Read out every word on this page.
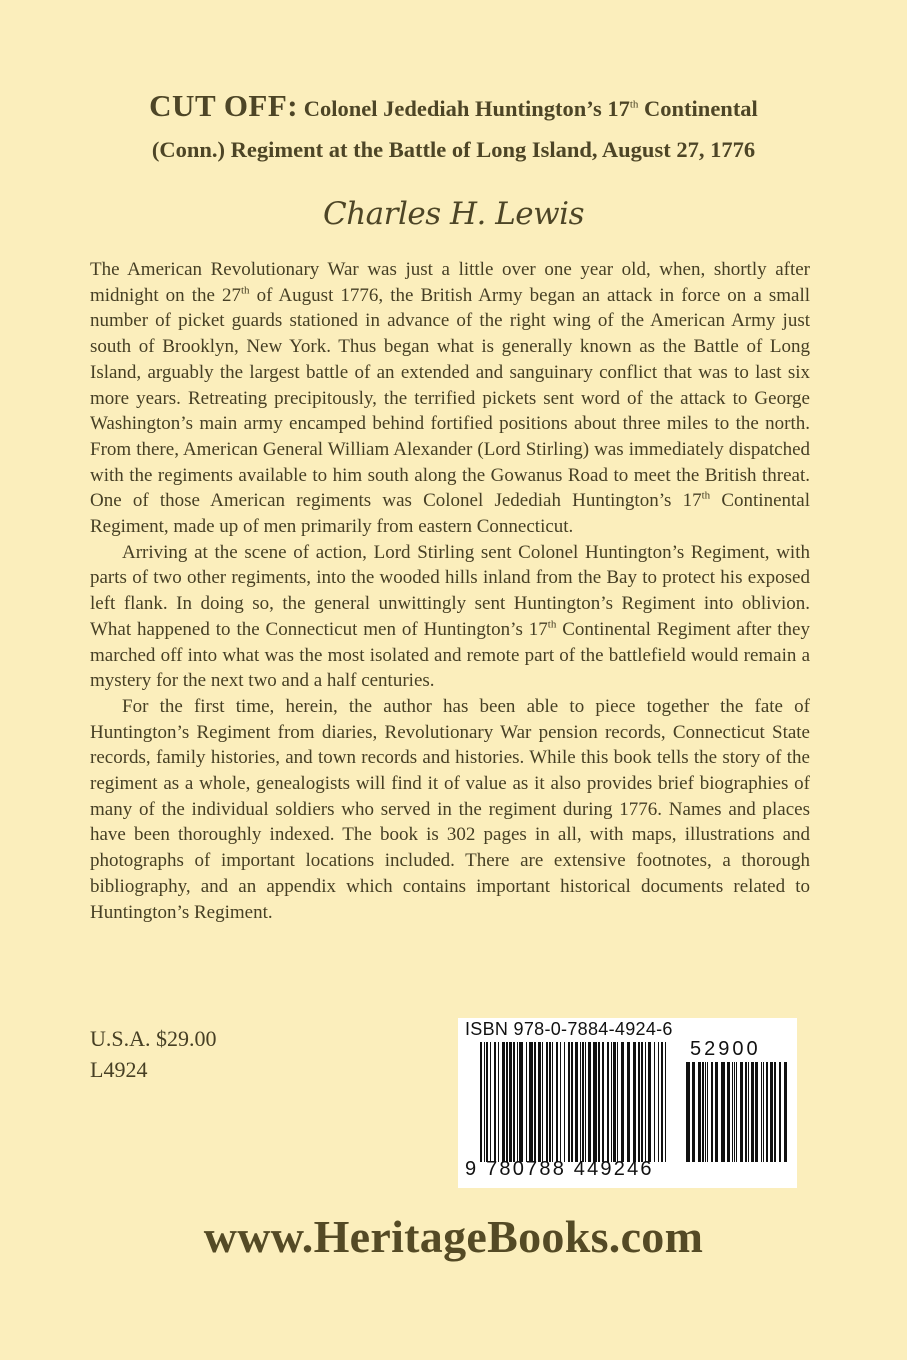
CUT OFF: Colonel Jedediah Huntington’s 17th Continental
(Conn.) Regiment at the Battle of Long Island, August 27, 1776
Charles H. Lewis

The American Revolutionary War was just a little over one year old, when, shortly after midnight on the 27th of August 1776, the British Army began an attack in force on a small number of picket guards stationed in advance of the right wing of the American Army just south of Brooklyn, New York. Thus began what is generally known as the Battle of Long Island, arguably the largest battle of an extended and sanguinary conflict that was to last six more years. Retreating precipitously, the terrified pickets sent word of the attack to George Washington’s main army encamped behind fortified positions about three miles to the north. From there, American General William Alexander (Lord Stirling) was immediately dispatched with the regiments available to him south along the Gowanus Road to meet the British threat. One of those American regiments was Colonel Jedediah Huntington’s 17th Continental Regiment, made up of men primarily from eastern Connecticut.

Arriving at the scene of action, Lord Stirling sent Colonel Huntington’s Regiment, with parts of two other regiments, into the wooded hills inland from the Bay to protect his exposed left flank. In doing so, the general unwittingly sent Huntington’s Regiment into oblivion. What happened to the Connecticut men of Huntington’s 17th Continental Regiment after they marched off into what was the most isolated and remote part of the battlefield would remain a mystery for the next two and a half centuries.

For the first time, herein, the author has been able to piece together the fate of Huntington’s Regiment from diaries, Revolutionary War pension records, Connecticut State records, family histories, and town records and histories. While this book tells the story of the regiment as a whole, genealogists will find it of value as it also provides brief biographies of many of the individual soldiers who served in the regiment during 1776. Names and places have been thoroughly indexed. The book is 302 pages in all, with maps, illustrations and photographs of important locations included. There are extensive footnotes, a thorough bibliography, and an appendix which contains important historical documents related to Huntington’s Regiment.

U.S.A. $29.00
L4924
ISBN 978-0-7884-4924-6
52900
9 780788 449246
www.HeritageBooks.com
